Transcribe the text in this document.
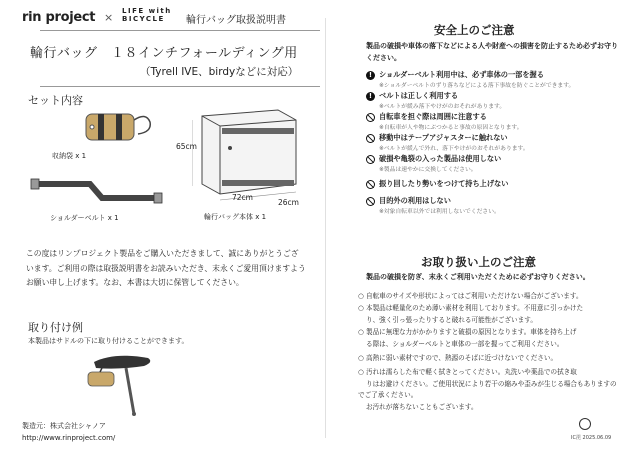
rin project × LIFE with
BICYCLE	輪行バッグ取扱説明書
輪行バッグ　１８インチフォールディング用
（Tyrell IVE、birdyなどに対応）
セット内容
収納袋 x 1
ショルダーベルト x 1
65cm
72cm
26cm
輪行バッグ本体 x 1
この度はリンプロジェクト製品をご購入いただきまして、誠にありがとうございます。ご利用の際は取扱説明書をお読みいただき、末永くご愛用頂けますようお願い申し上げます。なお、本書は大切に保管してください。
取り付け例
本製品はサドルの下に取り付けることができます。
製造元：株式会社シャノア
http://www.rinproject.com/
安全上のご注意
製品の破損や車体の落下などによる人や財産への損害を防止するため必ずお守りください。
! ショルダーベルト利用中は、必ず車体の一部を握る
※ショルダーベルトのずり落ちなどによる落下事故を防ぐことができます。
! ベルトは正しく利用する
※ベルトが緩み落下やけがのおそれがあります。
自転車を担ぐ際は周囲に注意する
※自転車が人や物にぶつかると事故の原因となります。
移動中はテープアジャスターに触れない
※ベルトが緩んで外れ、落下やけがのおそれがあります。
破損や亀裂の入った製品は使用しない
※製品は速やかに交換してください。
振り回したり勢いをつけて持ち上げない
目的外の利用はしない
※対象自転車以外では利用しないでください。
お取り扱い上のご注意
製品の破損を防ぎ、末永くご利用いただくために必ずお守りください。
○ 自転車のサイズや形状によってはご利用いただけない場合がございます。
○ 本製品は軽量化のため薄い素材を利用しております。不用意に引っかけた
り、強く引っ張ったりすると破れる可能性がございます。
○ 製品に無理な力がかかりますと破損の原因となります。車体を持ち上げ
る際は、ショルダーベルトと車体の一部を握ってご利用ください。
○ 高熱に弱い素材ですので、熱源のそばに近づけないでください。
○ 汚れは濡らした布で軽く拭きとってください。丸洗いや薬品での拭き取
りはお避けください。ご使用状況により若干の縮みや歪みが生じる場合もありますのでご了承ください。
お汚れが落ちないこともございます。
IC毘 2025.06.09
